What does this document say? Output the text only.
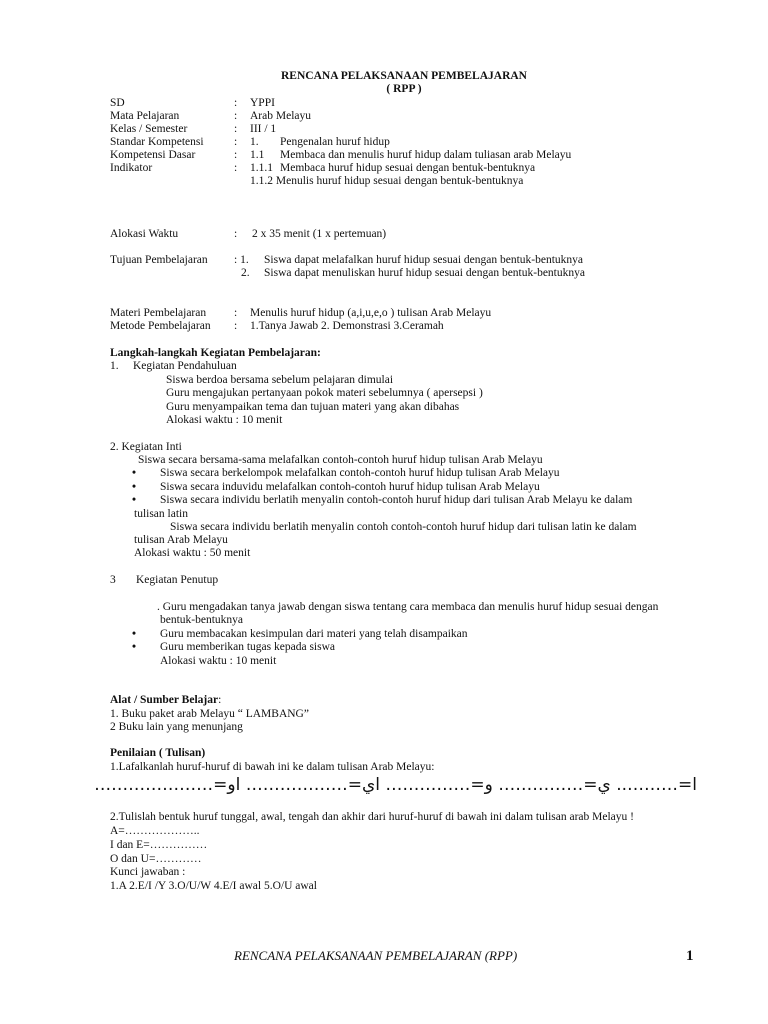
RENCANA PELAKSANAAN PEMBELAJARAN
( RPP )
SD	: YPPI
Mata Pelajaran	: Arab Melayu
Kelas / Semester	: III / 1
Standar Kompetensi	: 1. Pengenalan huruf hidup
Kompetensi Dasar	: 1.1 Membaca dan menulis huruf hidup dalam tuliasan arab Melayu
Indikator	: 1.1.1 Membaca huruf hidup sesuai dengan bentuk-bentuknya
1.1.2 Menulis huruf hidup sesuai dengan bentuk-bentuknya
Alokasi Waktu	: 2 x 35 menit (1 x pertemuan)
Tujuan Pembelajaran : 1. Siswa dapat melafalkan huruf hidup sesuai dengan bentuk-bentuknya
2. Siswa dapat menuliskan huruf hidup sesuai dengan bentuk-bentuknya
Materi Pembelajaran : Menulis huruf hidup (a,i,u,e,o ) tulisan Arab Melayu
Metode Pembelajaran : 1.Tanya Jawab 2. Demonstrasi 3.Ceramah
Langkah-langkah Kegiatan Pembelajaran:
1. Kegiatan Pendahuluan
Siswa berdoa bersama sebelum pelajaran dimulai
Guru mengajukan pertanyaan pokok materi sebelumnya ( apersepsi )
Guru menyampaikan tema dan tujuan materi yang akan dibahas
Alokasi waktu : 10 menit
2. Kegiatan Inti
Siswa secara bersama-sama melafalkan contoh-contoh huruf hidup tulisan Arab Melayu
• Siswa secara berkelompok melafalkan contoh-contoh huruf hidup tulisan Arab Melayu
• Siswa secara induvidu melafalkan contoh-contoh huruf hidup tulisan Arab Melayu
• Siswa secara individu berlatih menyalin contoh-contoh huruf hidup dari tulisan Arab Melayu ke dalam
tulisan latin
Siswa secara individu berlatih menyalin contoh contoh-contoh huruf hidup dari tulisan latin ke dalam
tulisan Arab Melayu
Alokasi waktu : 50 menit
3 Kegiatan Penutup
. Guru mengadakan tanya jawab dengan siswa tentang cara membaca dan menulis huruf hidup sesuai dengan
bentuk-bentuknya
• Guru membacakan kesimpulan dari materi yang telah disampaikan
• Guru memberikan tugas kepada siswa
Alokasi waktu : 10 menit
Alat / Sumber Belajar:
1. Buku paket arab Melayu “ LAMBANG”
2 Buku lain yang menunjang
Penilaian ( Tulisan)
1.Lafalkanlah huruf-huruf di bawah ini ke dalam tulisan Arab Melayu:
ا=……….. ي=…………… و=…………… اي=……………… او=…………………
2.Tulislah bentuk huruf tunggal, awal, tengah dan akhir dari huruf-huruf di bawah ini dalam tulisan arab Melayu !
A=………………..
I dan E=……………
O dan U=…………
Kunci jawaban :
1.A 2.E/I /Y 3.O/U/W 4.E/I awal 5.O/U awal
RENCANA PELAKSANAAN PEMBELAJARAN (RPP)	1
